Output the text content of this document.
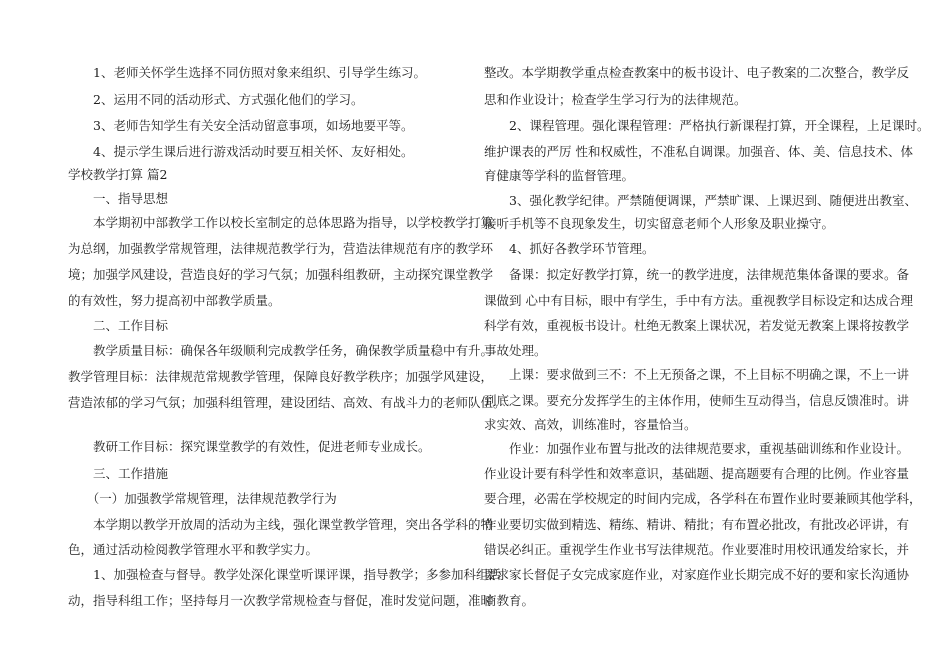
　　1、老师关怀学生选择不同仿照对象来组织、引导学生练习。
　　2、运用不同的活动形式、方式强化他们的学习。
　　3、老师告知学生有关安全活动留意事项，如场地要平等。
　　4、提示学生课后进行游戏活动时要互相关怀、友好相处。
学校教学打算 篇2
　　一、指导思想
　　本学期初中部教学工作以校长室制定的总体思路为指导，以学校教学打算
为总纲，加强教学常规管理，法律规范教学行为，营造法律规范有序的教学环
境；加强学风建设，营造良好的学习气氛；加强科组教研，主动探究课堂教学
的有效性，努力提高初中部教学质量。
　　二、工作目标
　　教学质量目标：确保各年级顺利完成教学任务，确保教学质量稳中有升。
教学管理目标：法律规范常规教学管理，保障良好教学秩序；加强学风建设，
营造浓郁的学习气氛；加强科组管理，建设团结、高效、有战斗力的老师队伍。
　　教研工作目标：探究课堂教学的有效性，促进老师专业成长。
　　三、工作措施
　　（一）加强教学常规管理，法律规范教学行为
　　本学期以教学开放周的活动为主线，强化课堂教学管理，突出各学科的特
色，通过活动检阅教学管理水平和教学实力。
　　1、加强检查与督导。教学处深化课堂听课评课，指导教学；多参加科组活
动，指导科组工作；坚持每月一次教学常规检查与督促，准时发觉问题，准时
整改。本学期教学重点检查教案中的板书设计、电子教案的二次整合，教学反
思和作业设计；检查学生学习行为的法律规范。
　　2、课程管理。强化课程管理：严格执行新课程打算，开全课程，上足课时。
维护课表的严厉 性和权威性，不准私自调课。加强音、体、美、信息技术、体
育健康等学科的监督管理。
　　3、强化教学纪律。严禁随便调课，严禁旷课、上课迟到、随便进出教室、
接听手机等不良现象发生，切实留意老师个人形象及职业操守。
　　4、抓好各教学环节管理。
　　备课：拟定好教学打算，统一的教学进度，法律规范集体备课的要求。备
课做到 心中有目标，眼中有学生，手中有方法。重视教学目标设定和达成合理
科学有效，重视板书设计。杜绝无教案上课状况，若发觉无教案上课将按教学
事故处理。
　　上课：要求做到三不：不上无预备之课，不上目标不明确之课，不上一讲
到底之课。要充分发挥学生的主体作用，使师生互动得当，信息反馈准时。讲
求实效、高效，训练准时，容量恰当。
　　作业：加强作业布置与批改的法律规范要求，重视基础训练和作业设计。
作业设计要有科学性和效率意识，基础题、提高题要有合理的比例。作业容量
要合理，必需在学校规定的时间内完成，各学科在布置作业时要兼顾其他学科，
作业要切实做到精选、精练、精讲、精批；有布置必批改，有批改必评讲，有
错误必纠正。重视学生作业书写法律规范。作业要准时用校讯通发给家长，并
要求家长督促子女完成家庭作业，对家庭作业长期完成不好的要和家长沟通协
商教育。
